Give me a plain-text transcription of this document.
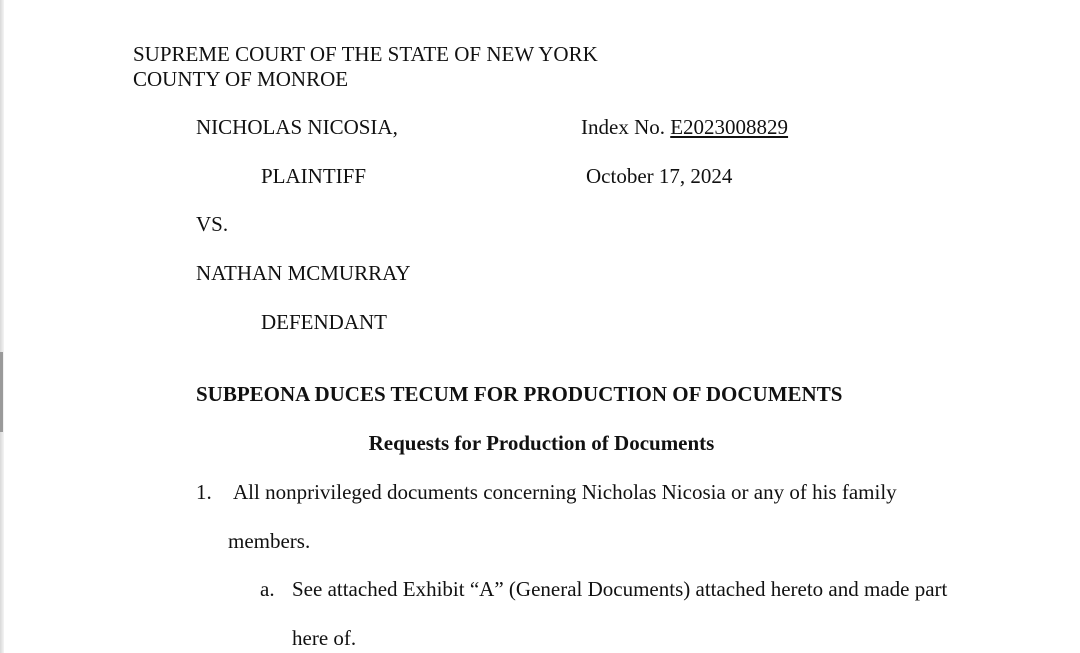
SUPREME COURT OF THE STATE OF NEW YORK
COUNTY OF MONROE
NICHOLAS NICOSIA,	Index No. E2023008829
PLAINTIFF	October 17, 2024
VS.
NATHAN MCMURRAY
DEFENDANT
SUBPEONA DUCES TECUM FOR PRODUCTION OF DOCUMENTS
Requests for Production of Documents
1. All nonprivileged documents concerning Nicholas Nicosia or any of his family
members.
a. See attached Exhibit “A” (General Documents) attached hereto and made part
here of.
